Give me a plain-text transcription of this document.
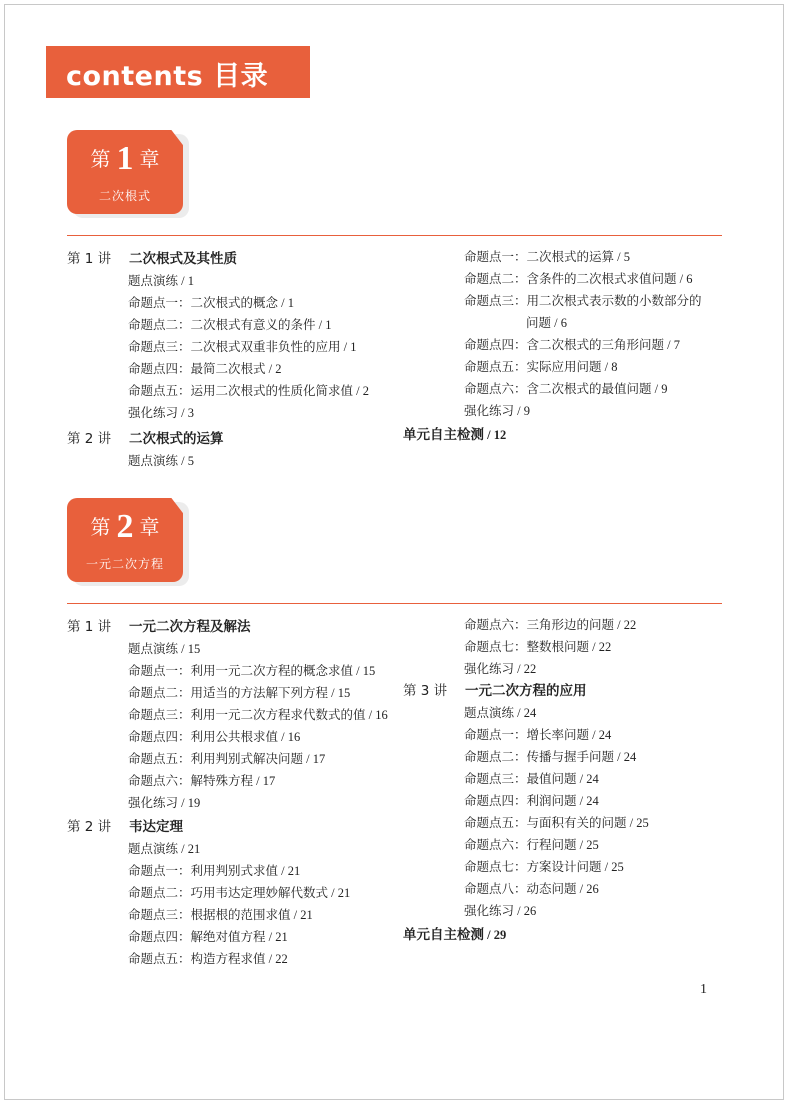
contents 目录
第 1 章
二次根式
第 1 讲 二次根式及其性质
题点演练 / 1
命题点一：二次根式的概念 / 1
命题点二：二次根式有意义的条件 / 1
命题点三：二次根式双重非负性的应用 / 1
命题点四：最简二次根式 / 2
命题点五：运用二次根式的性质化简求值 / 2
强化练习 / 3
第 2 讲 二次根式的运算
题点演练 / 5
命题点一：二次根式的运算 / 5
命题点二：含条件的二次根式求值问题 / 6
命题点三：用二次根式表示数的小数部分的
问题 / 6
命题点四：含二次根式的三角形问题 / 7
命题点五：实际应用问题 / 8
命题点六：含二次根式的最值问题 / 9
强化练习 / 9
单元自主检测 / 12
第 2 章
一元二次方程
第 1 讲 一元二次方程及解法
题点演练 / 15
命题点一：利用一元二次方程的概念求值 / 15
命题点二：用适当的方法解下列方程 / 15
命题点三：利用一元二次方程求代数式的值 / 16
命题点四：利用公共根求值 / 16
命题点五：利用判别式解决问题 / 17
命题点六：解特殊方程 / 17
强化练习 / 19
第 2 讲 韦达定理
题点演练 / 21
命题点一：利用判别式求值 / 21
命题点二：巧用韦达定理妙解代数式 / 21
命题点三：根据根的范围求值 / 21
命题点四：解绝对值方程 / 21
命题点五：构造方程求值 / 22
命题点六：三角形边的问题 / 22
命题点七：整数根问题 / 22
强化练习 / 22
第 3 讲 一元二次方程的应用
题点演练 / 24
命题点一：增长率问题 / 24
命题点二：传播与握手问题 / 24
命题点三：最值问题 / 24
命题点四：利润问题 / 24
命题点五：与面积有关的问题 / 25
命题点六：行程问题 / 25
命题点七：方案设计问题 / 25
命题点八：动态问题 / 26
强化练习 / 26
单元自主检测 / 29
1
